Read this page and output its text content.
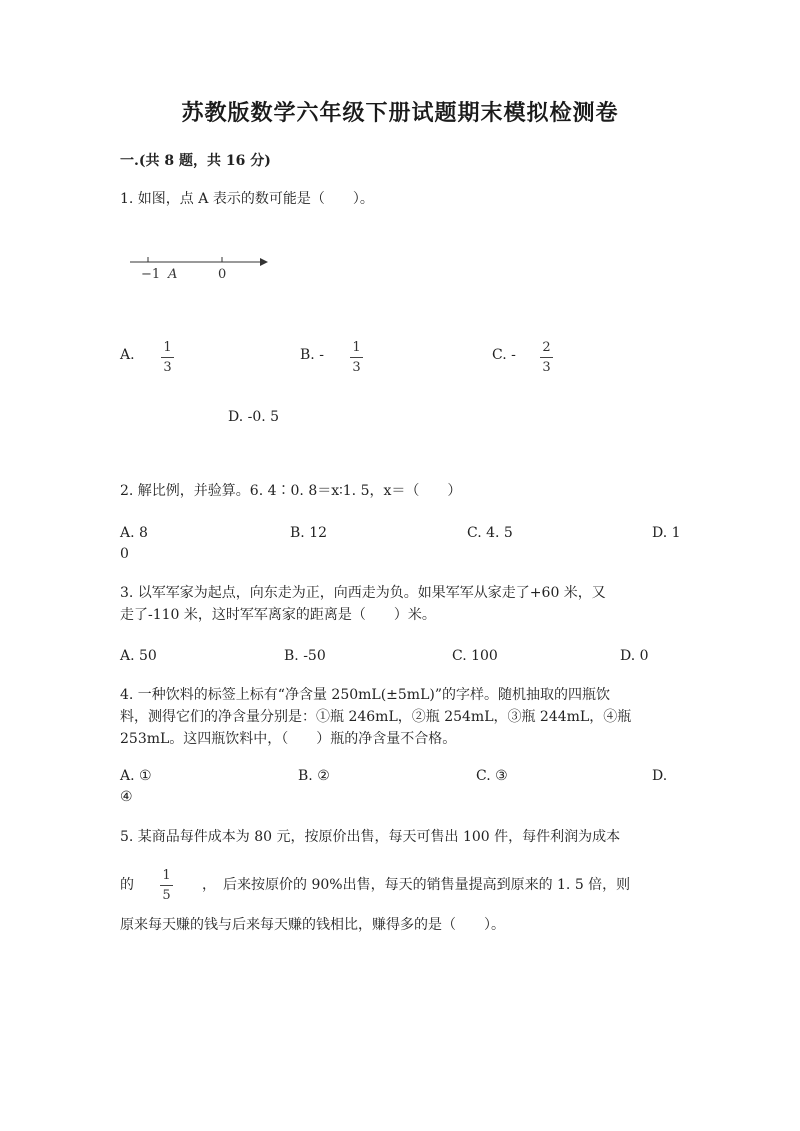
苏教版数学六年级下册试题期末模拟检测卷
一.(共 8 题，共 16 分)
1. 如图，点 A 表示的数可能是（　　）。
−1 A	0
A. 1
3
B. - 1
3
C. - 2
3
D. -0. 5
2. 解比例，并验算。6. 4∶0. 8＝x∶1. 5，x＝（　　）
A. 8	B. 12	C. 4. 5	D. 1
0
3. 以军军家为起点，向东走为正，向西走为负。如果军军从家走了+60 米，又
走了-110 米，这时军军离家的距离是（　　）米。
A. 50	B. -50	C. 100	D. 0
4. 一种饮料的标签上标有“净含量 250mL(±5mL)”的字样。随机抽取的四瓶饮
料，测得它们的净含量分别是：①瓶 246mL，②瓶 254mL，③瓶 244mL，④瓶
253mL。这四瓶饮料中，（　　）瓶的净含量不合格。
A. ①	B. ②	C. ③	D.
④
5. 某商品每件成本为 80 元，按原价出售，每天可售出 100 件，每件利润为成本
的
1
5
，　后来按原价的 90%出售，每天的销售量提高到原来的 1. 5 倍，则
原来每天赚的钱与后来每天赚的钱相比，赚得多的是（　　）。
